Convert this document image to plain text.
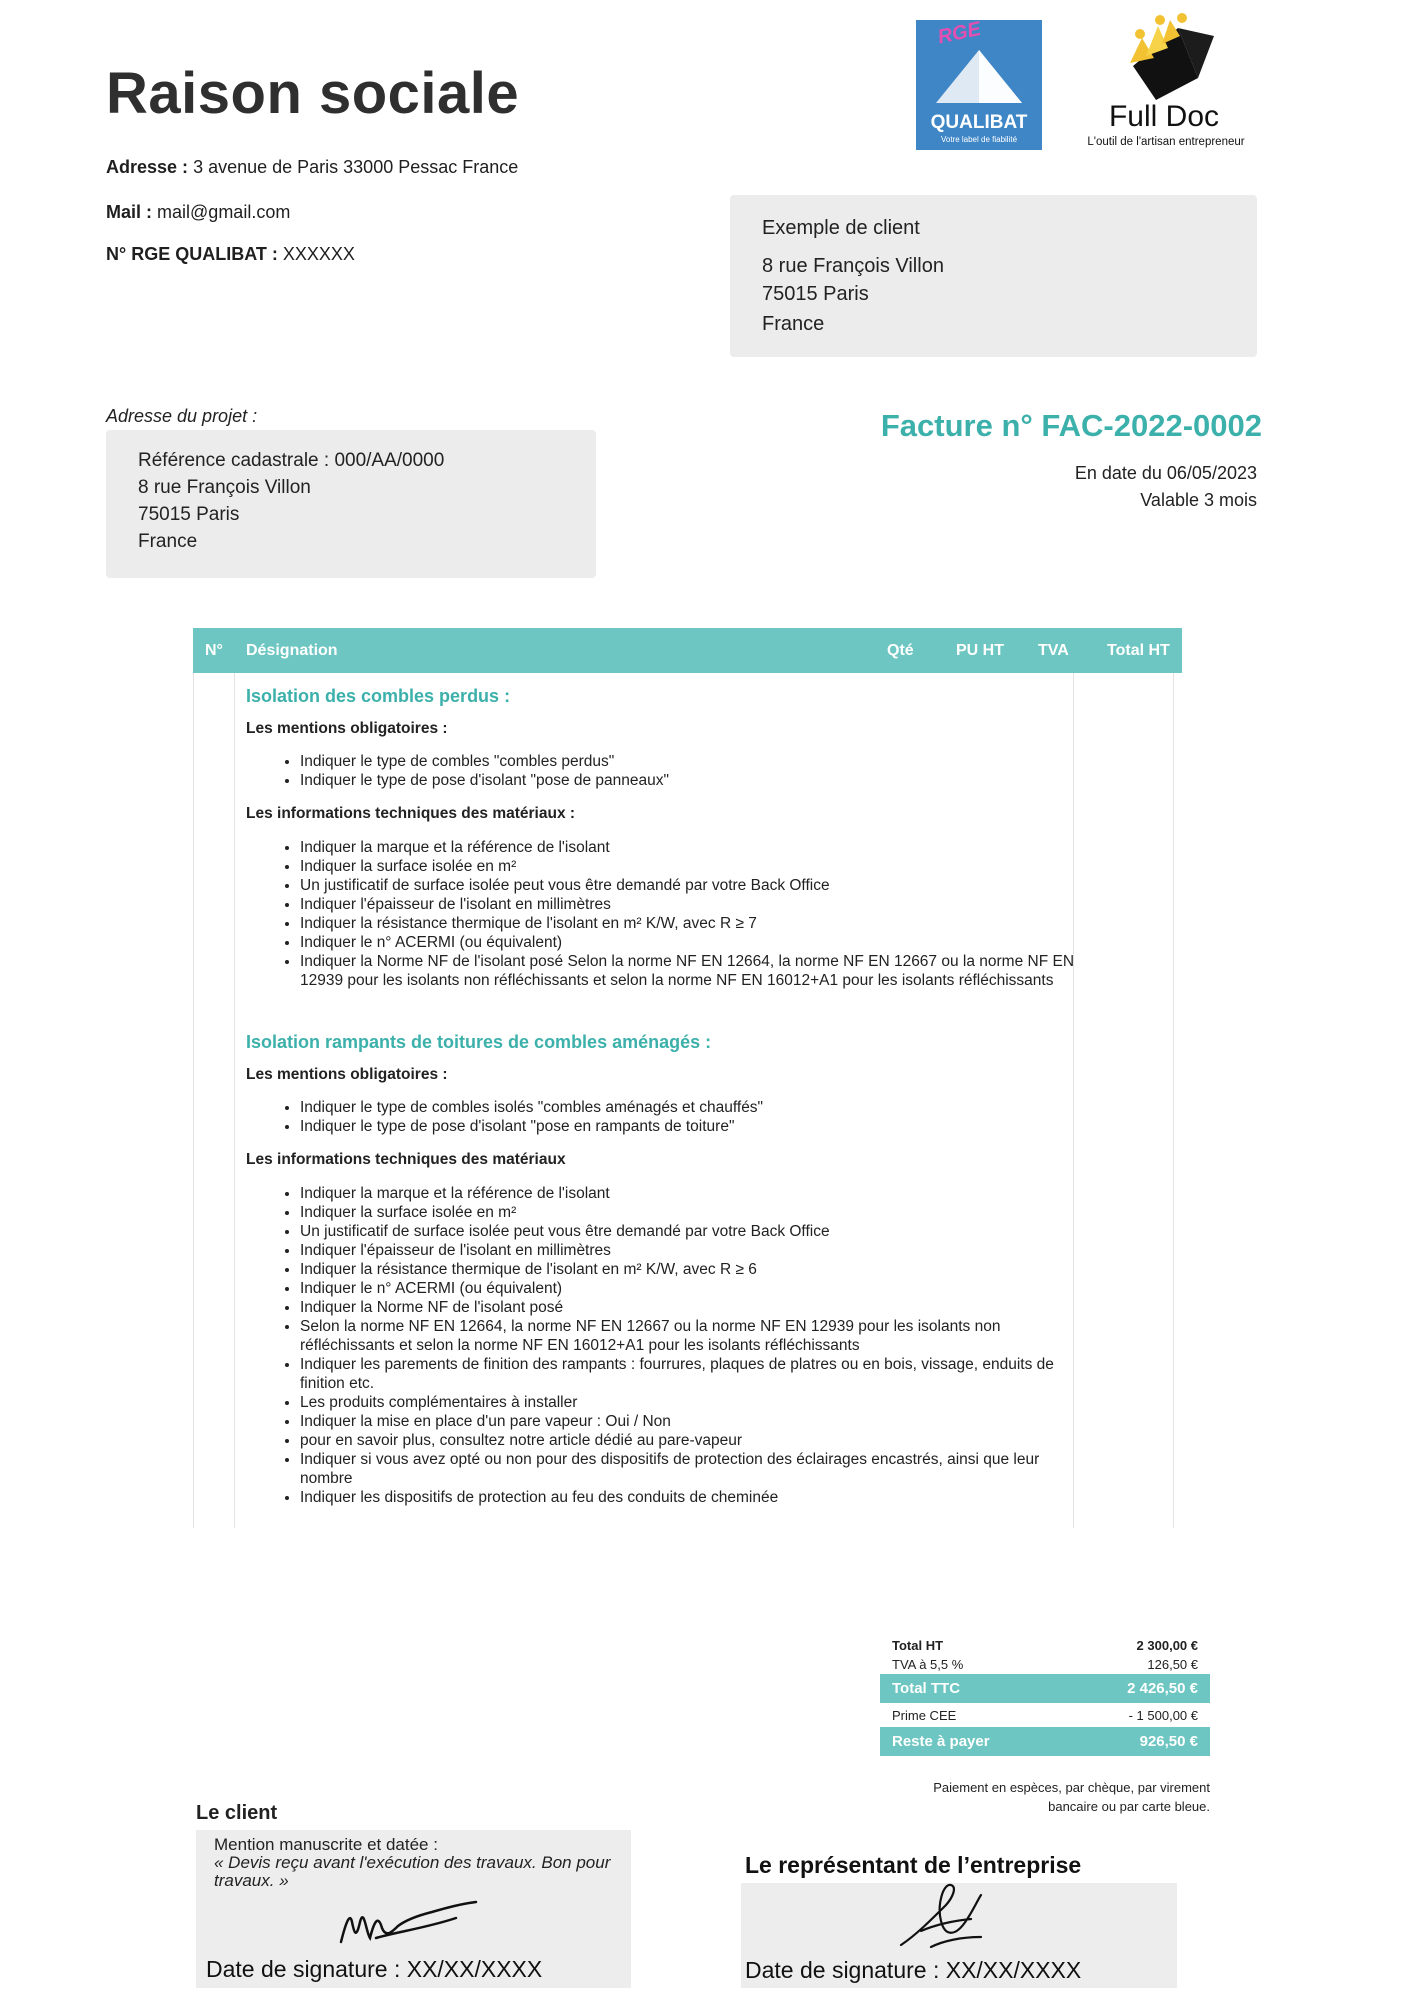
Raison sociale
Adresse : 3 avenue de Paris 33000 Pessac France
Mail : mail@gmail.com
N° RGE QUALIBAT : XXXXXX
RGE
QUALIBAT
Votre label de fiabilité
Full Doc
L'outil de l'artisan entrepreneur
Exemple de client
8 rue François Villon
75015 Paris
France
Adresse du projet :
Référence cadastrale : 000/AA/0000
8 rue François Villon
75015 Paris
France
Facture n° FAC-2022-0002
En date du 06/05/2023
Valable 3 mois
N° Désignation	Qté	PU HT TVA Total HT
Isolation des combles perdus :
Les mentions obligatoires :
• Indiquer le type de combles "combles perdus"
• Indiquer le type de pose d'isolant "pose de panneaux"
Les informations techniques des matériaux :
• Indiquer la marque et la référence de l'isolant
• Indiquer la surface isolée en m²
• Un justificatif de surface isolée peut vous être demandé par votre Back Office
• Indiquer l'épaisseur de l'isolant en millimètres
• Indiquer la résistance thermique de l'isolant en m² K/W, avec R ≥ 7
• Indiquer le n° ACERMI (ou équivalent)
• Indiquer la Norme NF de l'isolant posé Selon la norme NF EN 12664, la norme NF EN 12667 ou la norme NF EN 12939 pour les isolants non réfléchissants et selon la norme NF EN 16012+A1 pour les isolants réfléchissants
Isolation rampants de toitures de combles aménagés :
Les mentions obligatoires :
• Indiquer le type de combles isolés "combles aménagés et chauffés"
• Indiquer le type de pose d'isolant "pose en rampants de toiture"
Les informations techniques des matériaux
• Indiquer la marque et la référence de l'isolant
• Indiquer la surface isolée en m²
• Un justificatif de surface isolée peut vous être demandé par votre Back Office
• Indiquer l'épaisseur de l'isolant en millimètres
• Indiquer la résistance thermique de l'isolant en m² K/W, avec R ≥ 6
• Indiquer le n° ACERMI (ou équivalent)
• Indiquer la Norme NF de l'isolant posé
• Selon la norme NF EN 12664, la norme NF EN 12667 ou la norme NF EN 12939 pour les isolants non réfléchissants et selon la norme NF EN 16012+A1 pour les isolants réfléchissants
• Indiquer les parements de finition des rampants : fourrures, plaques de platres ou en bois, vissage, enduits de finition etc.
• Les produits complémentaires à installer
• Indiquer la mise en place d'un pare vapeur : Oui / Non
• pour en savoir plus, consultez notre article dédié au pare-vapeur
• Indiquer si vous avez opté ou non pour des dispositifs de protection des éclairages encastrés, ainsi que leur nombre
• Indiquer les dispositifs de protection au feu des conduits de cheminée
Total HT	2 300,00 €
TVA à 5,5 %	126,50 €
Total TTC	2 426,50 €
Prime CEE	- 1 500,00 €
Reste à payer	926,50 €
Paiement en espèces, par chèque, par virement
bancaire ou par carte bleue.
Le client
Mention manuscrite et datée :
« Devis reçu avant l'exécution des travaux. Bon pour travaux. »
Date de signature : XX/XX/XXXX
Le représentant de l’entreprise
Date de signature : XX/XX/XXXX
